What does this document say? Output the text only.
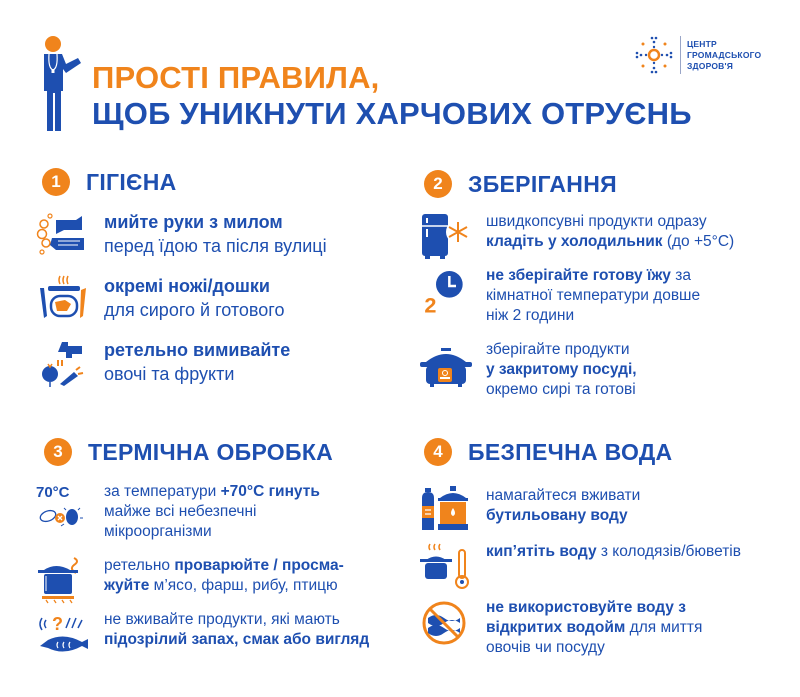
ПРОСТІ ПРАВИЛА,
ЩОБ УНИКНУТИ ХАРЧОВИХ ОТРУЄНЬ
ЦЕНТР
ГРОМАДСЬКОГО
ЗДОРОВ'Я
1	ГІГІЄНА
мийте руки з милом
перед їдою та після вулиці
окремі ножі/дошки
для сирого й готового
ретельно вимивайте
овочі та фрукти
2	ЗБЕРІГАННЯ
швидкопсувні продукти одразу
кладіть у холодильник (до +5°C)
2
не зберігайте готову їжу за
кімнатної температури довше
ніж 2 години
зберігайте продукти
у закритому посуді,
окремо сирі та готові
3	ТЕРМІЧНА ОБРОБКА
70°C за температури +70°C гинуть
майже всі небезпечні
мікроорганізми
ретельно проварюйте / просма-
жуйте м’ясо, фарш, рибу, птицю
?	не вживайте продукти, які мають
підозрілий запах, смак або вигляд
4	БЕЗПЕЧНА ВОДА
намагайтеся вживати
бутильовану воду
кип’ятіть воду з колодязів/бюветів
не використовуйте воду з
відкритих водойм для миття
овочів чи посуду
